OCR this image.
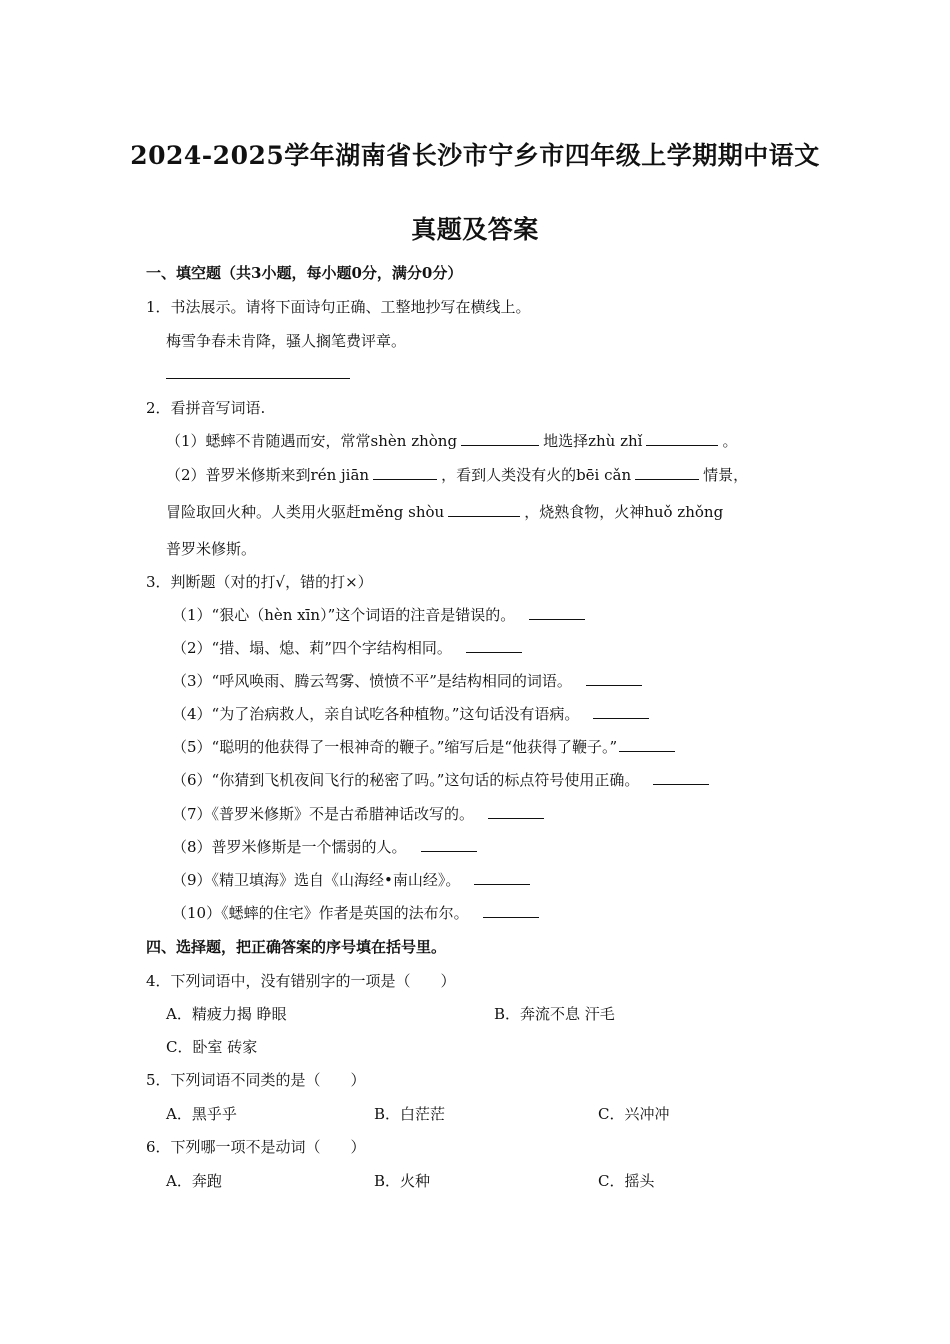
2024-2025学年湖南省长沙市宁乡市四年级上学期期中语文
真题及答案
一、填空题（共3小题，每小题0分，满分0分）
1．书法展示。请将下面诗句正确、工整地抄写在横线上。
梅雪争春未肯降，骚人搁笔费评章。
2．看拼音写词语.
（1）蟋蟀不肯随遇而安，常常shèn zhòng	地选择zhù zhǐ	。
（2）普罗米修斯来到rén jiān	，看到人类没有火的bēi cǎn	情景，
冒险取回火种。人类用火驱赶měng shòu	，烧熟食物，火神huǒ zhǒng
普罗米修斯。
3．判断题（对的打√，错的打×）
（1）“狠心（hèn xīn）”这个词语的注音是错误的。
（2）“措、塌、熄、莉”四个字结构相同。
（3）“呼风唤雨、腾云驾雾、愤愤不平”是结构相同的词语。
（4）“为了治病救人，亲自试吃各种植物。”这句话没有语病。
（5）“聪明的他获得了一根神奇的鞭子。”缩写后是“他获得了鞭子。”
（6）“你猜到飞机夜间飞行的秘密了吗。”这句话的标点符号使用正确。
（7）《普罗米修斯》不是古希腊神话改写的。
（8）普罗米修斯是一个懦弱的人。
（9）《精卫填海》选自《山海经•南山经》。
（10）《蟋蟀的住宅》作者是英国的法布尔。
四、选择题，把正确答案的序号填在括号里。
4．下列词语中，没有错别字的一项是（　　）
A．精疲力揭 睁眼	B．奔流不息 汗毛
C．卧室 砖家
5．下列词语不同类的是（　　）
A．黑乎乎	B．白茫茫	C．兴冲冲
6．下列哪一项不是动词（　　）
A．奔跑	B．火种	C．摇头
